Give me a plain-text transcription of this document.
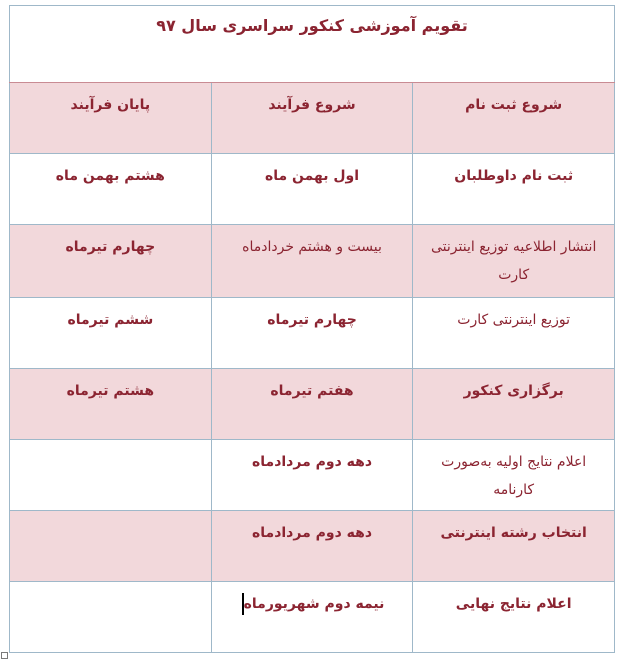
تقویم آموزشی کنکور سراسری سال ۹۷		
شروع ثبت نام	شروع فرآیند	پایان فرآیند
ثبت نام داوطلبان	اول بهمن ماه	هشتم بهمن ماه
انتشار اطلاعیه توزیع اینترنتی کارت	بیست و هشتم خردادماه	چهارم تیرماه
توزیع اینترنتی کارت	چهارم تیرماه	ششم تیرماه
برگزاری کنکور	هفتم تیرماه	هشتم تیرماه
اعلام نتایج اولیه به‌صورت کارنامه	دهه دوم مردادماه	
انتخاب رشته اینترنتی	دهه دوم مردادماه	
اعلام نتایج نهایی	نیمه دوم شهریورماه	
